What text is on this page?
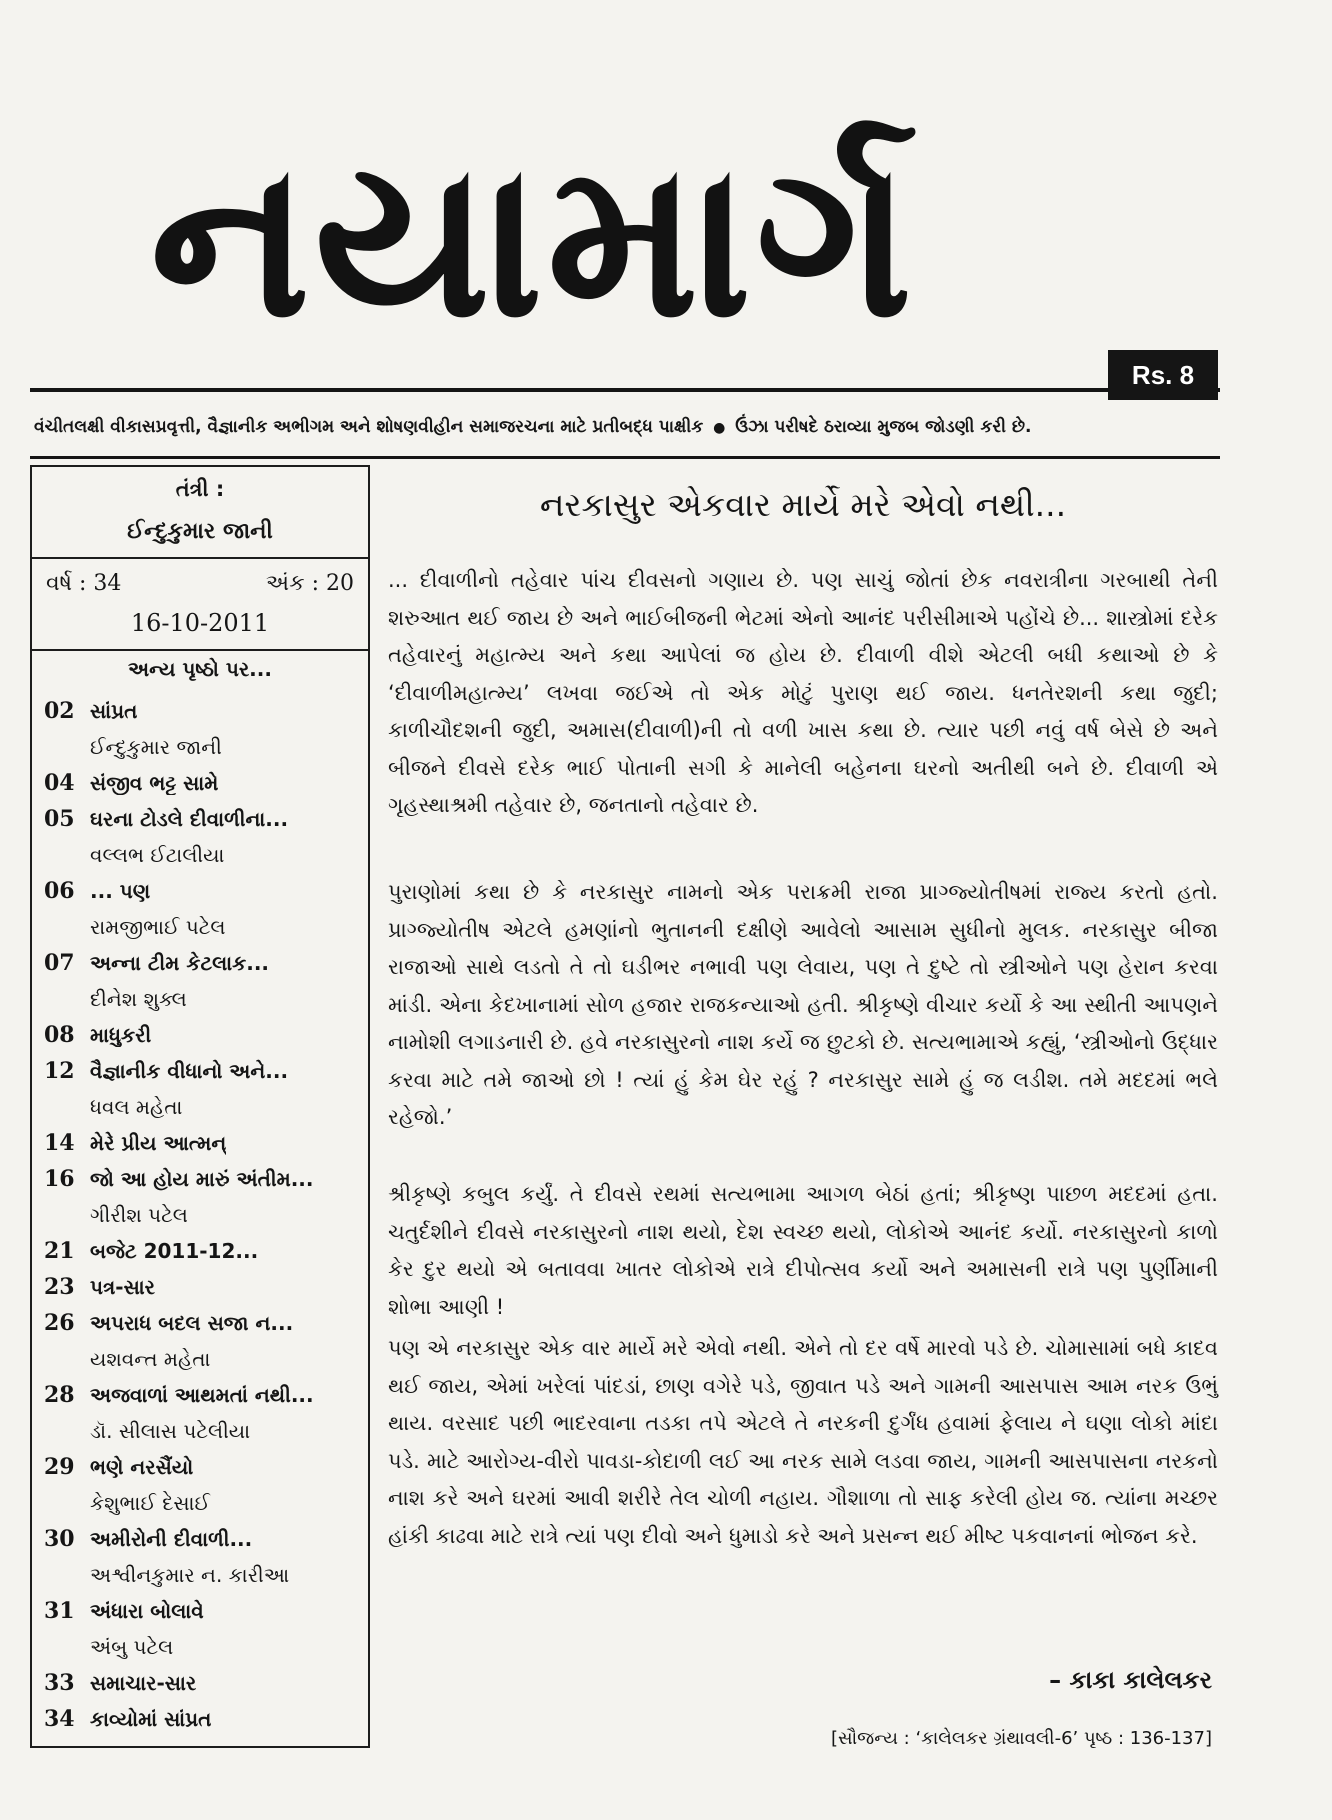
નયામાર્ગ
Rs. 8
વંચીતલક્ષી વીકાસપ્રવૃત્તી, વૈજ્ઞાનીક અભીગમ અને શોષણવીહીન સમાજરચના માટે પ્રતીબદ્ધ પાક્ષીક ● ઉંઝા પરીષદે ઠરાવ્યા મુજબ જોડણી કરી છે.
તંત્રી :
ઈન્દુકુમાર જાની
વર્ષ : 34	અંક : 20
16-10-2011
અન્ય પૃષ્ઠો પર...
02 સાંપ્રત
ઈન્દુકુમાર જાની
04 સંજીવ ભટ્ટ સામે
05 ઘરના ટોડલે દીવાળીના...
વલ્લભ ઈટાલીયા
06 ... પણ
રામજીભાઈ પટેલ
07 અન્ના ટીમ કેટલાક...
દીનેશ શુક્લ
08 માધુકરી
12 વૈજ્ઞાનીક વીધાનો અને...
ધવલ મહેતા
14 મેરે પ્રીય આત્મન્
16 જો આ હોય મારું અંતીમ...
ગીરીશ પટેલ
21 બજેટ 2011-12...
23 પત્ર-સાર
26 અપરાધ બદલ સજા ન...
યશવન્ત મહેતા
28 અજવાળાં આથમતાં નથી...
ડૉ. સીલાસ પટેલીયા
29 ભણે નરસૈંયો
કેશુભાઈ દેસાઈ
30 અમીરોની દીવાળી...
અશ્વીનકુમાર ન. કારીઆ
31 અંધારા બોલાવે
અંબુ પટેલ
33 સમાચાર-સાર
34 કાવ્યોમાં સાંપ્રત
નરકાસુર એકવાર માર્યે મરે એવો નથી...

... દીવાળીનો તહેવાર પાંચ દીવસનો ગણાય છે. પણ સાચું જોતાં છેક નવરાત્રીના ગરબાથી તેની શરુઆત થઈ જાય છે અને ભાઈબીજની ભેટમાં એનો આનંદ પરીસીમાએ પહોંચે છે... શાસ્ત્રોમાં દરેક તહેવારનું મહાત્મ્ય અને કથા આપેલાં જ હોય છે. દીવાળી વીશે એટલી બધી કથાઓ છે કે ‘દીવાળીમહાત્મ્ય’ લખવા જઈએ તો એક મોટું પુરાણ થઈ જાય. ધનતેરશની કથા જુદી; કાળીચૌદશની જુદી, અમાસ(દીવાળી)ની તો વળી ખાસ કથા છે. ત્યાર પછી નવું વર્ષ બેસે છે અને બીજને દીવસે દરેક ભાઈ પોતાની સગી કે માનેલી બહેનના ઘરનો અતીથી બને છે. દીવાળી એ ગૃહસ્થાશ્રમી તહેવાર છે, જનતાનો તહેવાર છે.

પુરાણોમાં કથા છે કે નરકાસુર નામનો એક પરાક્રમી રાજા પ્રાગ્જ્યોતીષમાં રાજ્ય કરતો હતો. પ્રાગ્જ્યોતીષ એટલે હમણાંનો ભુતાનની દક્ષીણે આવેલો આસામ સુધીનો મુલક. નરકાસુર બીજા રાજાઓ સાથે લડતો તે તો ઘડીભર નભાવી પણ લેવાય, પણ તે દુષ્ટે તો સ્ત્રીઓને પણ હેરાન કરવા માંડી. એના કેદખાનામાં સોળ હજાર રાજકન્યાઓ હતી. શ્રીકૃષ્ણે વીચાર કર્યો કે આ સ્થીતી આપણને નામોશી લગાડનારી છે. હવે નરકાસુરનો નાશ કર્યે જ છુટકો છે. સત્યભામાએ કહ્યું, ‘સ્ત્રીઓનો ઉદ્ધાર કરવા માટે તમે જાઓ છો ! ત્યાં હું કેમ ઘેર રહું ? નરકાસુર સામે હું જ લડીશ. તમે મદદમાં ભલે રહેજો.’

શ્રીકૃષ્ણે કબુલ કર્યું. તે દીવસે રથમાં સત્યભામા આગળ બેઠાં હતાં; શ્રીકૃષ્ણ પાછળ મદદમાં હતા. ચતુર્દશીને દીવસે નરકાસુરનો નાશ થયો, દેશ સ્વચ્છ થયો, લોકોએ આનંદ કર્યો. નરકાસુરનો કાળો કેર દુર થયો એ બતાવવા ખાતર લોકોએ રાત્રે દીપોત્સવ કર્યો અને અમાસની રાત્રે પણ પુર્ણીમાની શોભા આણી !

પણ એ નરકાસુર એક વાર માર્યે મરે એવો નથી. એને તો દર વર્ષે મારવો પડે છે. ચોમાસામાં બધે કાદવ થઈ જાય, એમાં ખરેલાં પાંદડાં, છાણ વગેરે પડે, જીવાત પડે અને ગામની આસપાસ આમ નરક ઉભું થાય. વરસાદ પછી ભાદરવાના તડકા તપે એટલે તે નરકની દુર્ગંધ હવામાં ફેલાય ને ઘણા લોકો માંદા પડે. માટે આરોગ્ય-વીરો પાવડા-કોદાળી લઈ આ નરક સામે લડવા જાય, ગામની આસપાસના નરકનો નાશ કરે અને ઘરમાં આવી શરીરે તેલ ચોળી નહાય. ગૌશાળા તો સાફ કરેલી હોય જ. ત્યાંના મચ્છર હાંકી કાઢવા માટે રાત્રે ત્યાં પણ દીવો અને ધુમાડો કરે અને પ્રસન્ન થઈ મીષ્ટ પકવાનનાં ભોજન કરે.

– કાકા કાલેલકર
[સૌજન્ય : ‘કાલેલકર ગ્રંથાવલી-6’ પૃષ્ઠ : 136-137]
